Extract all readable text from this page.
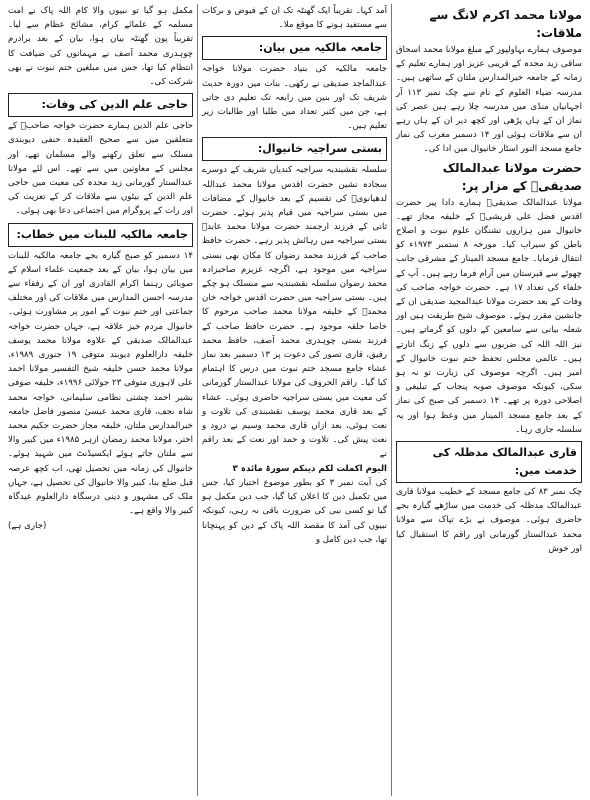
مولانا محمد اکرم لانگ سے ملاقات:

موصوف ہمارے بہاولپور کے مبلغ مولانا محمد اسحاق ساقی زید مجدہ کے قریبی عزیز اور ہمارے تعلیم کے زمانہ کے جامعہ خیرالمدارس ملتان کے ساتھی ہیں۔ مدرسہ ضیاء العلوم کے نام سے چک نمبر ۱۱۳ آر اجہانیاں منڈی میں مدرسہ چلا رہے ہیں عصر کی نماز ان کے ہاں پڑھی اور کچھ دیر ان کے ہاں رہے ان سے ملاقات ہوئی اور ۱۴ دسمبر مغرب کی نماز جامع مسجد النور اسٹار خانیوال میں ادا کی۔

حضرت مولانا عبدالمالک صدیقیؒ کے مزار پر:

مولانا عبدالمالک صدیقیؒ ہمارے دادا پیر حضرت اقدس فضل علی قریشیؒ کے خلیفہ مجاز تھے۔ خانیوال میں ہزاروں تشنگان علوم نبوت و اصلاح باطن کو سیراب کیا۔ مورخہ ۸ ستمبر ۱۹۷۳ء کو انتقال فرمایا۔ جامع مسجد المینار کے مشرقی جانب چھوٹے سے قبرستان میں آرام فرما رہے ہیں۔ آپ کے خلفاء کی تعداد ۱۷ ہے۔ حضرت خواجہ صاحب کی وفات کے بعد حضرت مولانا عبدالمجید صدیقی ان کے جانشین مقرر ہوئے۔ موصوف شیخ طریقت ہیں اور شعلہ بیانی سے سامعین کے دلوں کو گرماتے ہیں۔ نیز اللہ اللہ کی ضربوں سے دلوں کے زنگ اتارتے ہیں۔ عالمی مجلس تحفظ ختم نبوت خانیوال کے امیر ہیں۔ اگرچہ موصوف کی زیارت تو نہ ہو سکی، کیونکہ موصوف صوبہ پنجاب کے تبلیغی و اصلاحی دورہ پر تھے۔ ۱۴ دسمبر کی صبح کی نماز کے بعد جامع مسجد المینار میں وعظ ہوا اور یہ سلسلہ جاری رہا۔

قاری عبدالمالک مدظلہ کی خدمت میں:

چک نمبر ۸۳ کی جامع مسجد کے خطیب مولانا قاری عبدالمالک مدظلہ کی خدمت میں ساڑھے گیارہ بجے حاضری ہوئی۔ موصوف نے بڑے تپاک سے مولانا محمد عبدالستار گورمانی اور راقم کا استقبال کیا اور خوش

آمد کہا۔ تقریباً ایک گھنٹہ تک ان کے فیوض و برکات سے مستفید ہونے کا موقع ملا۔

جامعہ مالکیہ میں بیان:

جامعہ مالکیہ کی بنیاد حضرت مولانا خواجہ عبدالماجد صدیقی نے رکھی۔ بنات میں دورہ حدیث شریف تک اور بنین میں رابعہ تک تعلیم دی جاتی ہے، جن میں کثیر تعداد میں طلبا اور طالبات زیر تعلیم ہیں۔

بستی سراجیہ خانیوال:

سلسلہ نقشبندیہ سراجیہ کندیاں شریف کے دوسرے سجادہ نشین حضرت اقدس مولانا محمد عبداللہ لدھیانویؒ کی تقسیم کے بعد خانیوال کے مضافات میں بستی سراجیہ میں قیام پذیر ہوئے۔ حضرت ثانی کے فرزند ارجمند حضرت مولانا محمد عابدؒ بستی سراجیہ میں رہائش پذیر رہے۔ حضرت حافظ صاحب کے فرزند محمد رضوان کا مکان بھی بستی سراجیہ میں موجود ہے، اگرچہ عزیزم صاحبزادہ محمد رضوان سلسلہ نقشبندیہ سے منسلک ہو چکے ہیں۔ بستی سراجیہ میں حضرت اقدس خواجہ خان محمدؒ کے خلیفہ مولانا محمد صاحب مرحوم کا خاصا حلقہ موجود ہے۔ حضرت حافظ صاحب کے فرزند بستی چوہدری محمد آصف، حافظ محمد رفیق، قاری تصور کی دعوت پر ۱۳ دسمبر بعد نماز عشاء جامع مسجد ختم نبوت میں درس کا اہتمام کیا گیا۔ راقم الحروف کی مولانا عبدالستار گورمانی کی معیت میں بستی سراجیہ حاضری ہوئی۔ عشاء کے بعد قاری محمد یوسف نقشبندی کی تلاوت و نعت ہوئی، بعد ازاں قاری محمد وسیم نے درود و نعت پیش کی۔ تلاوت و حمد اور نعت کے بعد راقم نے

الیوم اکملت لکم دینکم سورۃ مائدہ ۳

کی آیت نمبر ۳ کو بطور موضوع اختیار کیا، جس میں تکمیل دین کا اعلان کیا گیا، جب دین مکمل ہو گیا تو کسی نبی کی ضرورت باقی نہ رہی، کیونکہ نبیوں کی آمد کا مقصد اللہ پاک کے دین کو پہنچانا تھا، جب دین کامل و

مکمل ہو گیا تو نبیوں والا کام اللہ پاک نے امت مسلمہ کے علمائے کرام، مشائخ عظام سے لیا۔ تقریباً پون گھنٹہ بیان ہوا، بیان کے بعد برادرم چوہدری محمد آصف نے مہمانوں کی ضیافت کا انتظام کیا تھا، جس میں مبلغین ختم نبوت نے بھی شرکت کی۔

حاجی علم الدین کی وفات:

حاجی علم الدین ہمارے حضرت خواجہ صاحبؒ کے متعلقین میں سے صحیح العقیدہ حنفی دیوبندی مسلک سے تعلق رکھنے والے مسلمان تھے، اور مجلس کے معاونین میں سے تھے۔ اس لئے مولانا عبدالستار گورمانی زید مجدہ کی معیت میں حاجی علم الدین کے بیٹوں سے ملاقات کر کے تعزیت کی اور رات کے پروگرام میں اجتماعی دعا بھی ہوئی۔

جامعہ مالکیہ للبنات میں خطاب:

۱۴ دسمبر کو صبح گیارہ بجے جامعہ مالکیہ للبنات میں بیان ہوا، بیان کے بعد جمعیت علماء اسلام کے صوبائی رہنما اکرام القادری اور ان کے رفقاء سے مدرسہ احسن المدارس میں ملاقات کی اور مختلف جماعتی اور ختم نبوت کے امور پر مشاورت ہوئی۔ خانیوال مردم خیز علاقہ ہے، جہاں حضرت خواجہ عبدالمالک صدیقی کے علاوہ مولانا محمد یوسف خلیفہ دارالعلوم دیوبند متوفی ۱۹ جنوری ۱۹۸۹ء، مولانا محمد حسن خلیفہ شیخ التفسیر مولانا احمد علی لاہوری متوفی ۲۳ جولائی ۱۹۹۶ء، خلیفہ صوفی بشیر احمد چشتی نظامی سلیمانی، خواجہ محمد شاہ نجف، قاری محمد عیسیٰ منصور فاضل جامعہ خیرالمدارس ملتان، خلیفہ مجاز حضرت حکیم محمد اختر، مولانا محمد رمضان ازہر ۱۹۸۵ء میں کبیر والا سے ملتان جاتے ہوئے ایکسیڈنٹ میں شہید ہوئے۔ خانیوال کی زمانہ میں تحصیل تھی، اب کچھ عرصہ قبل ضلع بنا، کبیر والا خانیوال کی تحصیل ہے، جہاں ملک کی مشہور و دینی درسگاہ دارالعلوم عیدگاہ کبیر والا واقع ہے۔

(جاری ہے)
